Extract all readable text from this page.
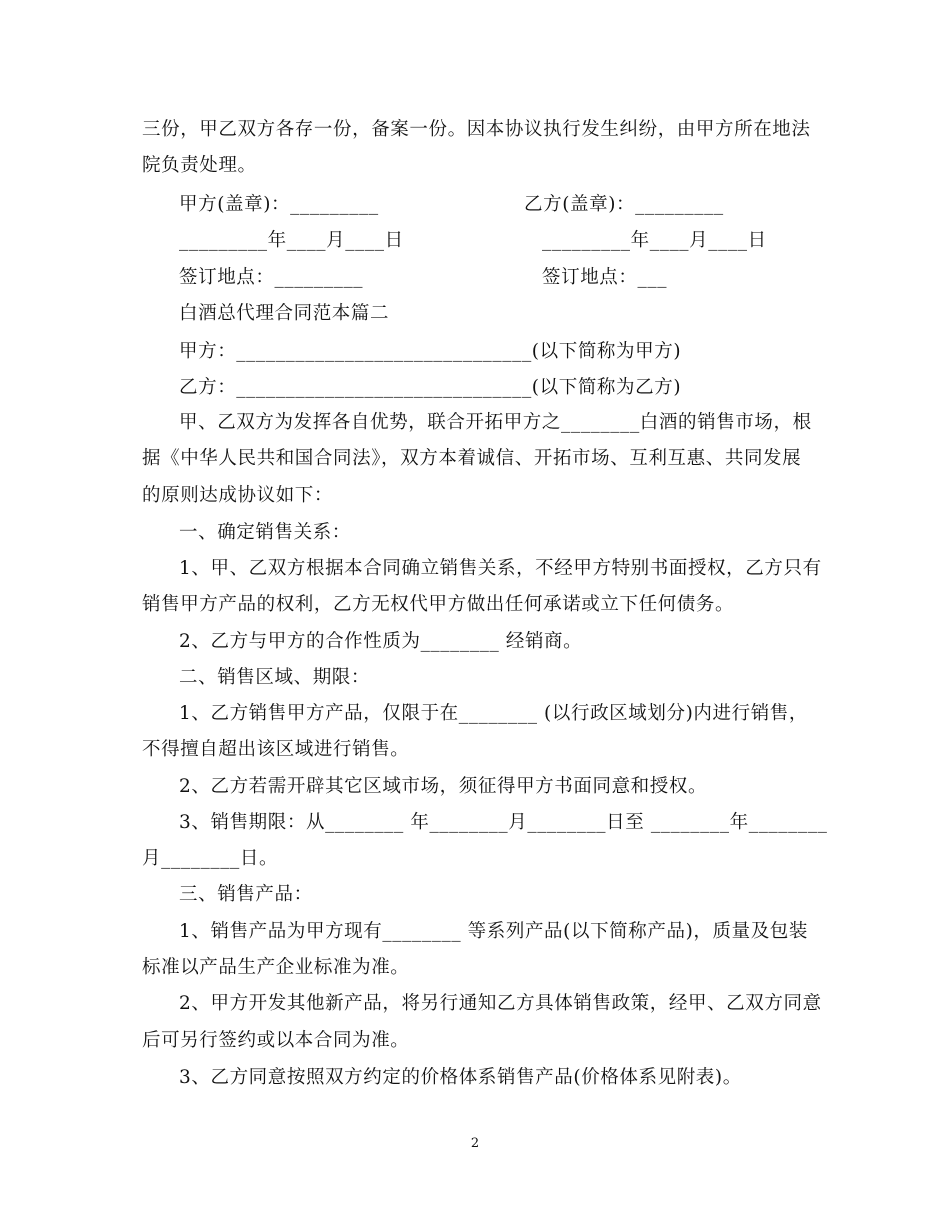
三份，甲乙双方各存一份，备案一份。因本协议执行发生纠纷，由甲方所在地法
院负责处理。
甲方(盖章)：_________	乙方(盖章)：_________
_________年____月____日	_________年____月____日
签订地点：_________	签订地点：___
白酒总代理合同范本篇二
甲方：______________________________(以下简称为甲方)
乙方：______________________________(以下简称为乙方)
甲、乙双方为发挥各自优势，联合开拓甲方之________白酒的销售市场，根
据《中华人民共和国合同法》，双方本着诚信、开拓市场、互利互惠、共同发展
的原则达成协议如下：
一、确定销售关系：
1、甲、乙双方根据本合同确立销售关系，不经甲方特别书面授权，乙方只有
销售甲方产品的权利，乙方无权代甲方做出任何承诺或立下任何债务。
2、乙方与甲方的合作性质为________ 经销商。
二、销售区域、期限：
1、乙方销售甲方产品，仅限于在________ (以行政区域划分)内进行销售，
不得擅自超出该区域进行销售。
2、乙方若需开辟其它区域市场，须征得甲方书面同意和授权。
3、销售期限：从________ 年________月________日至 ________年________
月________日。
三、销售产品：
1、销售产品为甲方现有________ 等系列产品(以下简称产品)，质量及包装
标准以产品生产企业标准为准。
2、甲方开发其他新产品，将另行通知乙方具体销售政策，经甲、乙双方同意
后可另行签约或以本合同为准。
3、乙方同意按照双方约定的价格体系销售产品(价格体系见附表)。
2
